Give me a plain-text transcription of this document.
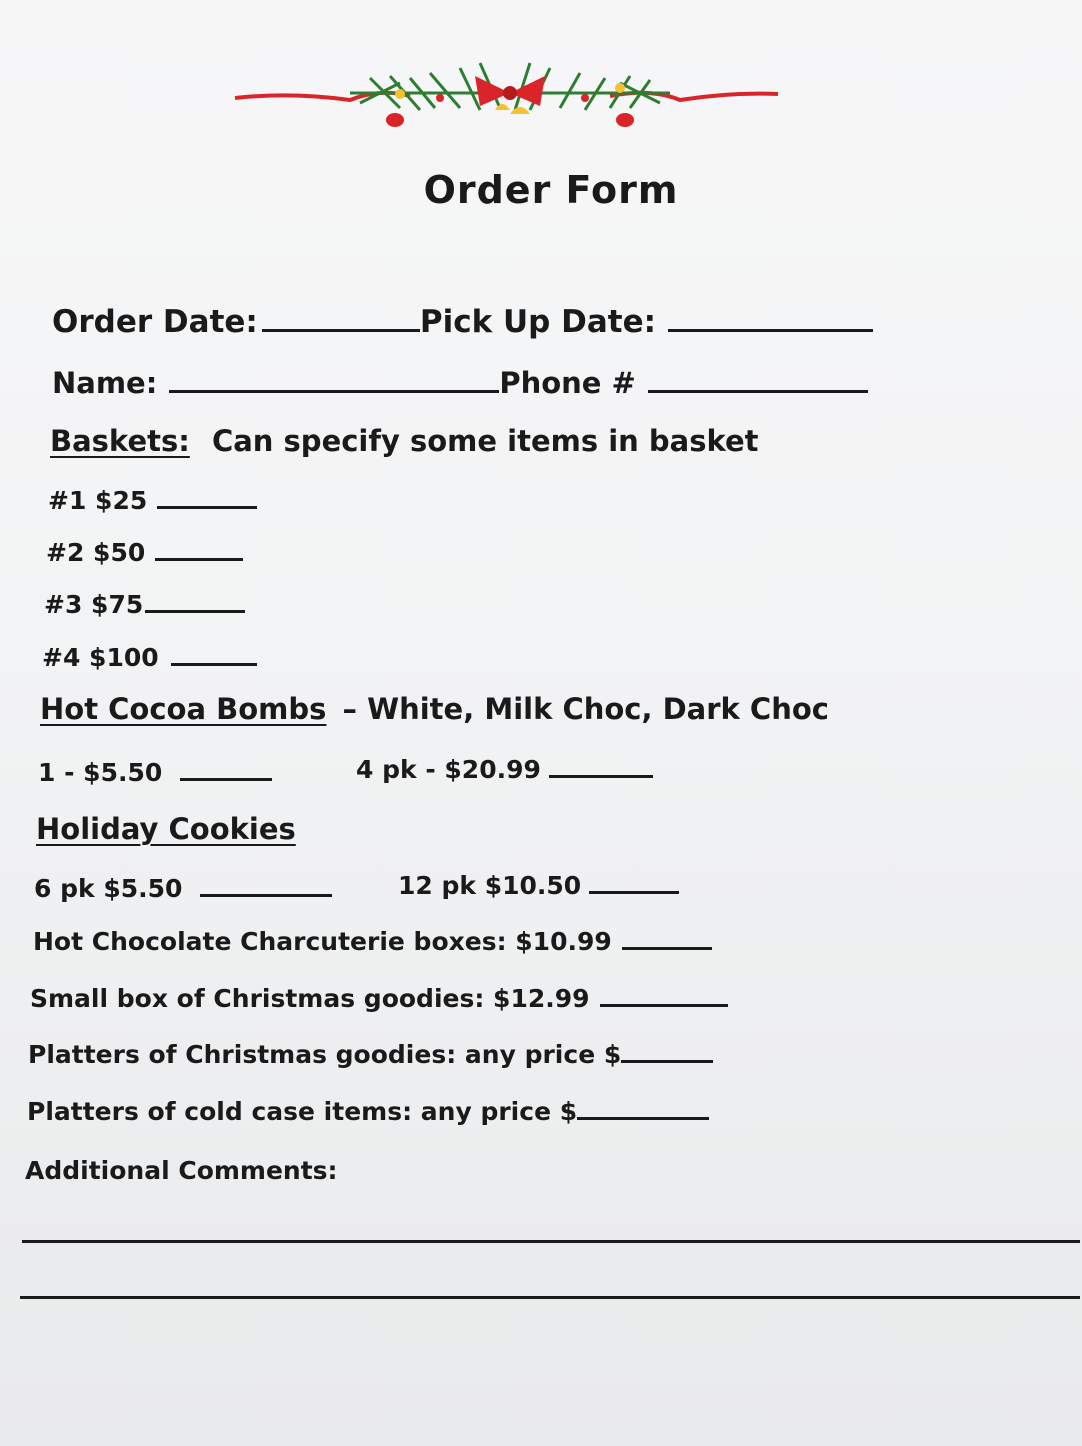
Order Form
Order Date:	Pick Up Date:
Name:	Phone #
Baskets: Can specify some items in basket
#1 $25
#2 $50
#3 $75
#4 $100
Hot Cocoa Bombs – White, Milk Choc, Dark Choc
1 - $5.50	4 pk - $20.99
Holiday Cookies
6 pk $5.50	12 pk $10.50
Hot Chocolate Charcuterie boxes: $10.99
Small box of Christmas goodies: $12.99
Platters of Christmas goodies: any price $
Platters of cold case items: any price $
Additional Comments:
